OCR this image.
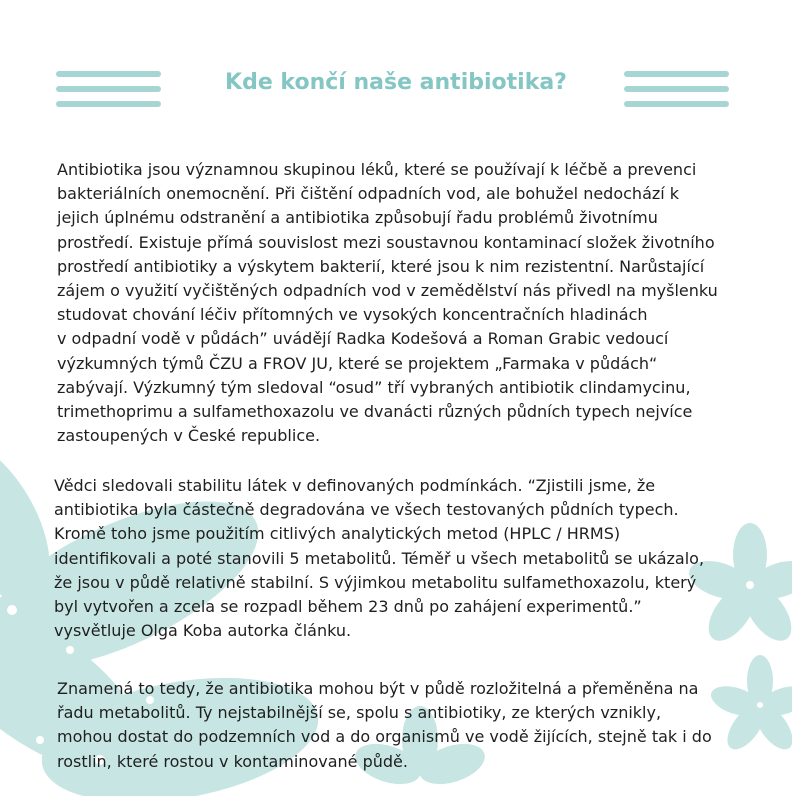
Kde končí naše antibiotika?
Antibiotika jsou významnou skupinou léků, které se používají k léčbě a prevenci
bakteriálních onemocnění. Při čištění odpadních vod, ale bohužel nedochází k
jejich úplnému odstranění a antibiotika způsobují řadu problémů životnímu
prostředí. Existuje přímá souvislost mezi soustavnou kontaminací složek životního
prostředí antibiotiky a výskytem bakterií, které jsou k nim rezistentní. Narůstající
zájem o využití vyčištěných odpadních vod v zemědělství nás přivedl na myšlenku
studovat chování léčiv přítomných ve vysokých koncentračních hladinách
v odpadní vodě v půdách” uvádějí Radka Kodešová a Roman Grabic vedoucí
výzkumných týmů ČZU a FROV JU, které se projektem „Farmaka v půdách“
zabývají. Výzkumný tým sledoval “osud” tří vybraných antibiotik clindamycinu,
trimethoprimu a sulfamethoxazolu ve dvanácti různých půdních typech nejvíce
zastoupených v České republice.
Vědci sledovali stabilitu látek v definovaných podmínkách. “Zjistili jsme, že
antibiotika byla částečně degradována ve všech testovaných půdních typech.
Kromě toho jsme použitím citlivých analytických metod (HPLC / HRMS)
identifikovali a poté stanovili 5 metabolitů. Téměř u všech metabolitů se ukázalo,
že jsou v půdě relativně stabilní. S výjimkou metabolitu sulfamethoxazolu, který
byl vytvořen a zcela se rozpadl během 23 dnů po zahájení experimentů.”
vysvětluje Olga Koba autorka článku.
Znamená to tedy, že antibiotika mohou být v půdě rozložitelná a přeměněna na
řadu metabolitů. Ty nejstabilnější se, spolu s antibiotiky, ze kterých vznikly,
mohou dostat do podzemních vod a do organismů ve vodě žijících, stejně tak i do
rostlin, které rostou v kontaminované půdě.
